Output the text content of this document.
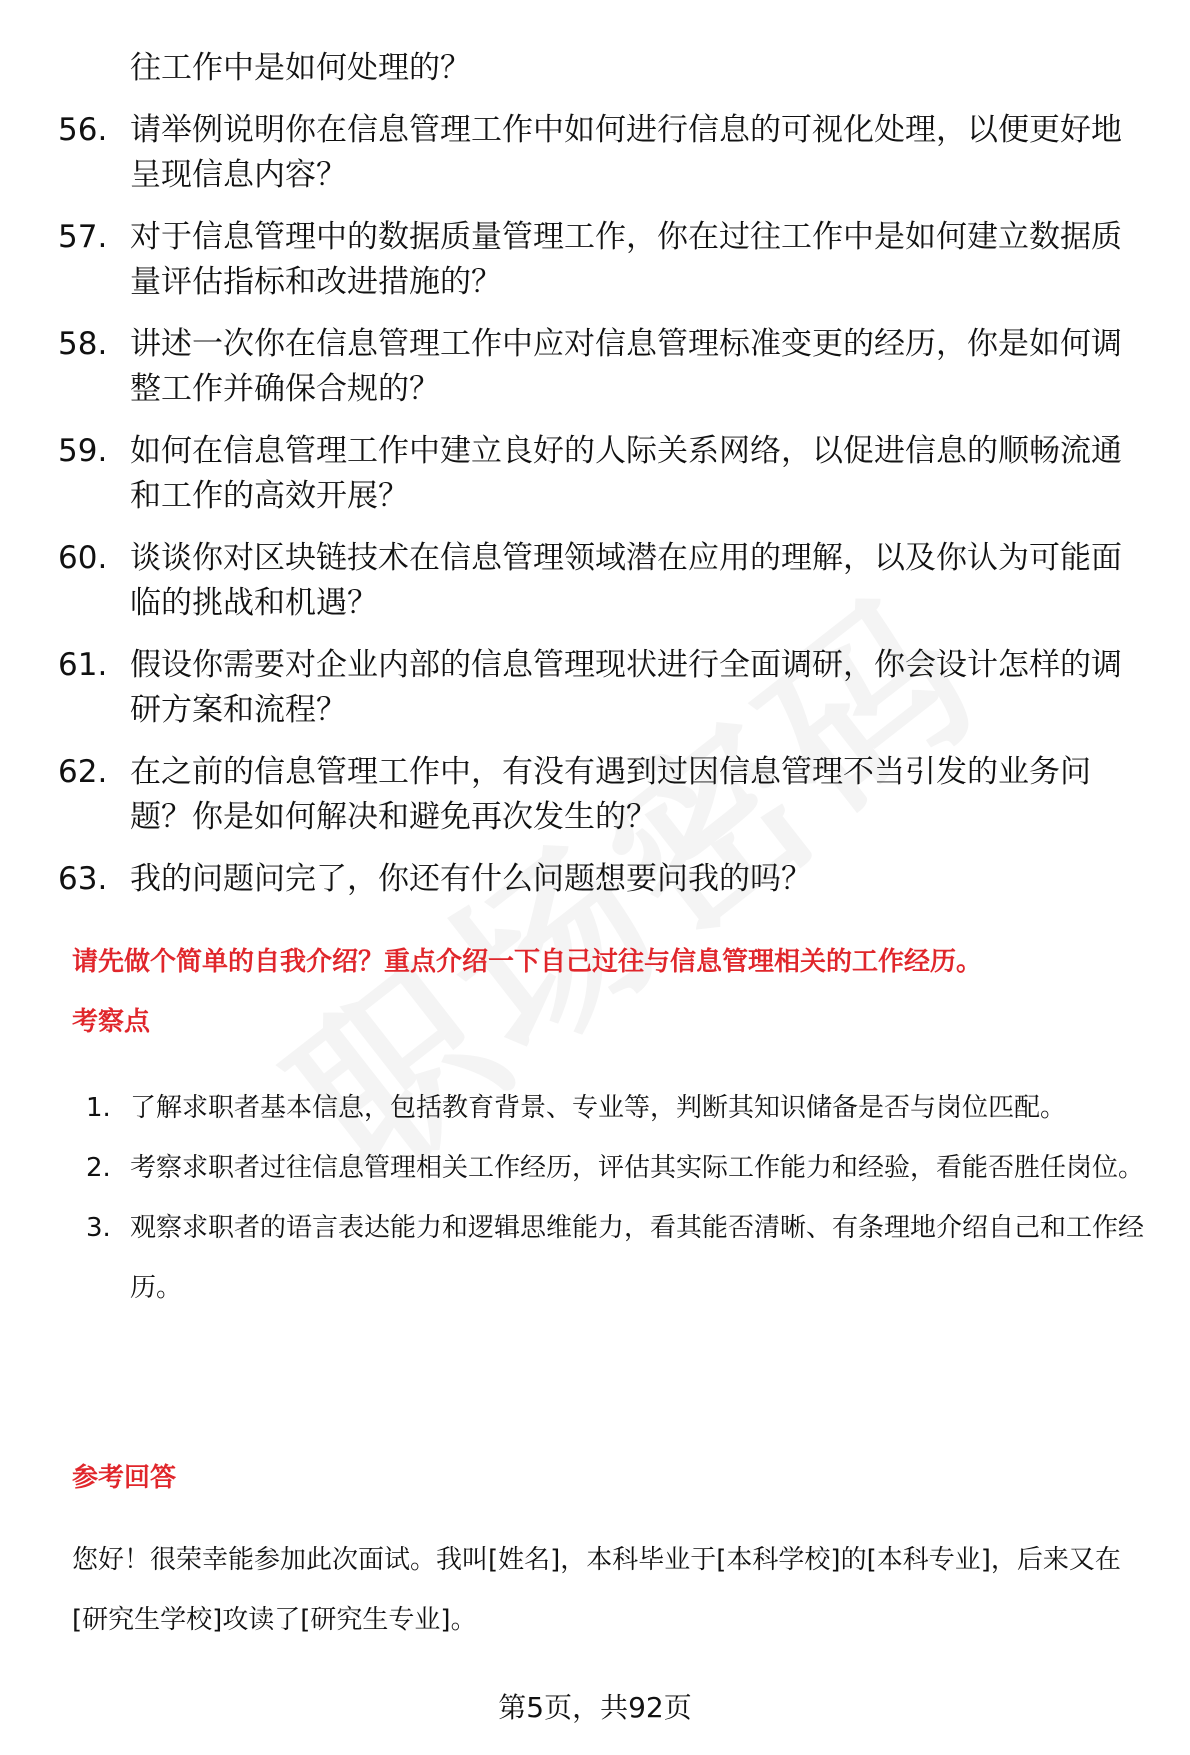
往工作中是如何处理的？
56. 请举例说明你在信息管理工作中如何进行信息的可视化处理，以便更好地呈现信息内容？
57. 对于信息管理中的数据质量管理工作，你在过往工作中是如何建立数据质量评估指标和改进措施的？
58. 讲述一次你在信息管理工作中应对信息管理标准变更的经历，你是如何调整工作并确保合规的？
59. 如何在信息管理工作中建立良好的人际关系网络，以促进信息的顺畅流通和工作的高效开展？
60. 谈谈你对区块链技术在信息管理领域潜在应用的理解，以及你认为可能面临的挑战和机遇？
61. 假设你需要对企业内部的信息管理现状进行全面调研，你会设计怎样的调研方案和流程？
62. 在之前的信息管理工作中，有没有遇到过因信息管理不当引发的业务问题？你是如何解决和避免再次发生的？
63. 我的问题问完了，你还有什么问题想要问我的吗？
请先做个简单的自我介绍？重点介绍一下自己过往与信息管理相关的工作经历。
考察点
1. 了解求职者基本信息，包括教育背景、专业等，判断其知识储备是否与岗位匹配。
2. 考察求职者过往信息管理相关工作经历，评估其实际工作能力和经验，看能否胜任岗位。
3. 观察求职者的语言表达能力和逻辑思维能力，看其能否清晰、有条理地介绍自己和工作经历。
参考回答
您好！很荣幸能参加此次面试。我叫[姓名]，本科毕业于[本科学校]的[本科专业]，后来又在[研究生学校]攻读了[研究生专业]。
第5页，共92页
